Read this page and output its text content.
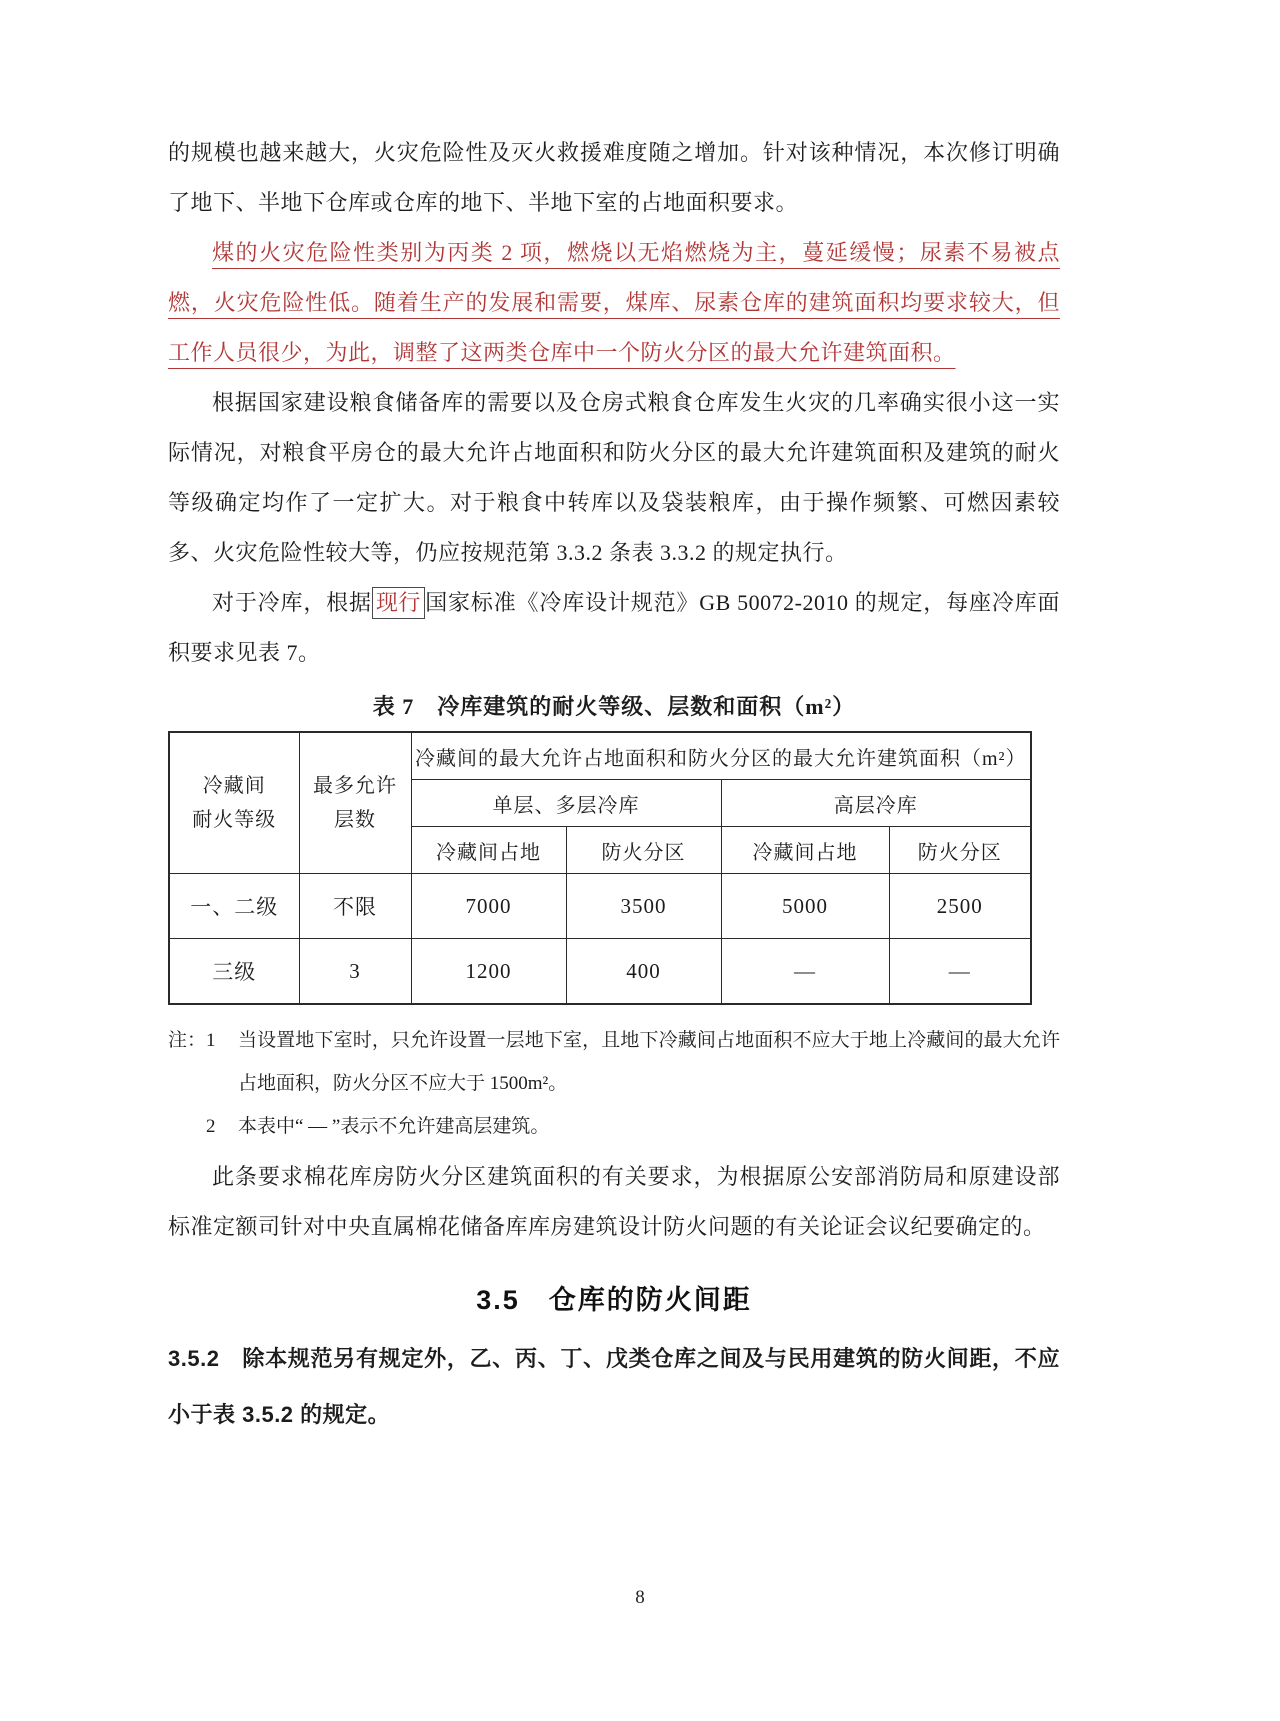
的规模也越来越大，火灾危险性及灭火救援难度随之增加。针对该种情况，本次修订明确了地下、半地下仓库或仓库的地下、半地下室的占地面积要求。

煤的火灾危险性类别为丙类 2 项，燃烧以无焰燃烧为主，蔓延缓慢；尿素不易被点燃，火灾危险性低。随着生产的发展和需要，煤库、尿素仓库的建筑面积均要求较大，但工作人员很少，为此，调整了这两类仓库中一个防火分区的最大允许建筑面积。

根据国家建设粮食储备库的需要以及仓房式粮食仓库发生火灾的几率确实很小这一实际情况，对粮食平房仓的最大允许占地面积和防火分区的最大允许建筑面积及建筑的耐火等级确定均作了一定扩大。对于粮食中转库以及袋装粮库，由于操作频繁、可燃因素较多、火灾危险性较大等，仍应按规范第 3.3.2 条表 3.3.2 的规定执行。

对于冷库，根据 现行 国家标准《冷库设计规范》GB 50072-2010 的规定，每座冷库面积要求见表 7。

表 7　冷库建筑的耐火等级、层数和面积（m²）
冷藏间
耐火等级

最多允许
层数
	冷藏间的最大允许占地面积和防火分区的最大允许建筑面积（m²）
		单层、多层冷库		高层冷库	
		冷藏间占地	防火分区	冷藏间占地	防火分区
一、二级	不限	7000	3500	5000	2500
三级	3	1200	400	—	—
注：1	当设置地下室时，只允许设置一层地下室，且地下冷藏间占地面积不应大于地上冷藏间的最大允许占地面积，防火分区不应大于 1500m²。
2	本表中“ — ”表示不允许建高层建筑。

此条要求棉花库房防火分区建筑面积的有关要求，为根据原公安部消防局和原建设部标准定额司针对中央直属棉花储备库库房建筑设计防火问题的有关论证会议纪要确定的。

3.5　仓库的防火间距

3.5.2　除本规范另有规定外，乙、丙、丁、戊类仓库之间及与民用建筑的防火间距，不应小于表 3.5.2 的规定。

8
